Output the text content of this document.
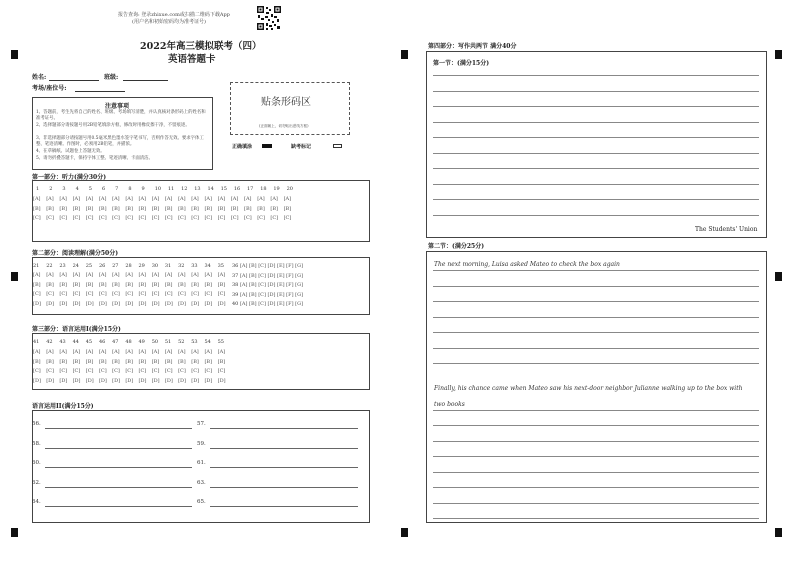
报告查询: 登录zhixue.com或扫描二维码下载App
(用户名和初始密码均为准考证号)
2022年高三模拟联考（四）
英语答题卡
姓名:	班级:
考场/座位号:
注意事项
1、答题前，考生先将自己的姓名、班级、考场填写清楚，并认真核对条形码上的姓名和准考证号。
2、选择题部分请按题号用2B铅笔填涂方框，修改时用橡皮擦干净，不留痕迹。
3、非选择题部分请按题号用0.5毫米黑色墨水签字笔书写，否则作答无效。要求字体工整、笔迹清晰。作图时，必须用2B铅笔，并描浓。
4、在草稿纸、试题卷上答题无效。
5、请勿折叠答题卡，保持字体工整、笔迹清晰、卡面清洁。
贴条形码区
(正面朝上，切勿贴出虚线方框)
正确填涂	缺考标记
第一部分：听力(满分30分)
1	2	3	4	5	6	7	8	9	10	11	12	13	14	15	16	17	18	19	20
[A]	[A]	[A]	[A]	[A]	[A]	[A]	[A]	[A]	[A]	[A]	[A]	[A]	[A]	[A]	[A]	[A]	[A]	[A]	[A]
[B]	[B]	[B]	[B]	[B]	[B]	[B]	[B]	[B]	[B]	[B]	[B]	[B]	[B]	[B]	[B]	[B]	[B]	[B]	[B]
[C]	[C]	[C]	[C]	[C]	[C]	[C]	[C]	[C]	[C]	[C]	[C]	[C]	[C]	[C]	[C]	[C]	[C]	[C]	[C]
第二部分：阅读理解(满分50分)
21	22	23	24	25	26	27	28	29	30	31	32	33	34	35
[A]	[A]	[A]	[A]	[A]	[A]	[A]	[A]	[A]	[A]	[A]	[A]	[A]	[A]	[A]
[B]	[B]	[B]	[B]	[B]	[B]	[B]	[B]	[B]	[B]	[B]	[B]	[B]	[B]	[B]
[C]	[C]	[C]	[C]	[C]	[C]	[C]	[C]	[C]	[C]	[C]	[C]	[C]	[C]	[C]
[D]	[D]	[D]	[D]	[D]	[D]	[D]	[D]	[D]	[D]	[D]	[D]	[D]	[D]	[D]
36 [A] [B] [C] [D] [E] [F] [G]
37 [A] [B] [C] [D] [E] [F] [G]
38 [A] [B] [C] [D] [E] [F] [G]
39 [A] [B] [C] [D] [E] [F] [G]
40 [A] [B] [C] [D] [E] [F] [G]
第三部分：语言运用I(满分15分)
41	42	43	44	45	46	47	48	49	50	51	52	53	54	55
[A]	[A]	[A]	[A]	[A]	[A]	[A]	[A]	[A]	[A]	[A]	[A]	[A]	[A]	[A]
[B]	[B]	[B]	[B]	[B]	[B]	[B]	[B]	[B]	[B]	[B]	[B]	[B]	[B]	[B]
[C]	[C]	[C]	[C]	[C]	[C]	[C]	[C]	[C]	[C]	[C]	[C]	[C]	[C]	[C]
[D]	[D]	[D]	[D]	[D]	[D]	[D]	[D]	[D]	[D]	[D]	[D]	[D]	[D]	[D]
语言运用II(满分15分)
56.	57.
58.	59.
60.	61.
62.	63.
64.	65.
第四部分：写作共两节 满分40分
第一节：(满分15分)
The Students' Union
第二节：(满分25分)
The next morning, Luisa asked Mateo to check the box again
Finally, his chance came when Mateo saw his next-door neighbor Julianne walking up to the box with
two books
